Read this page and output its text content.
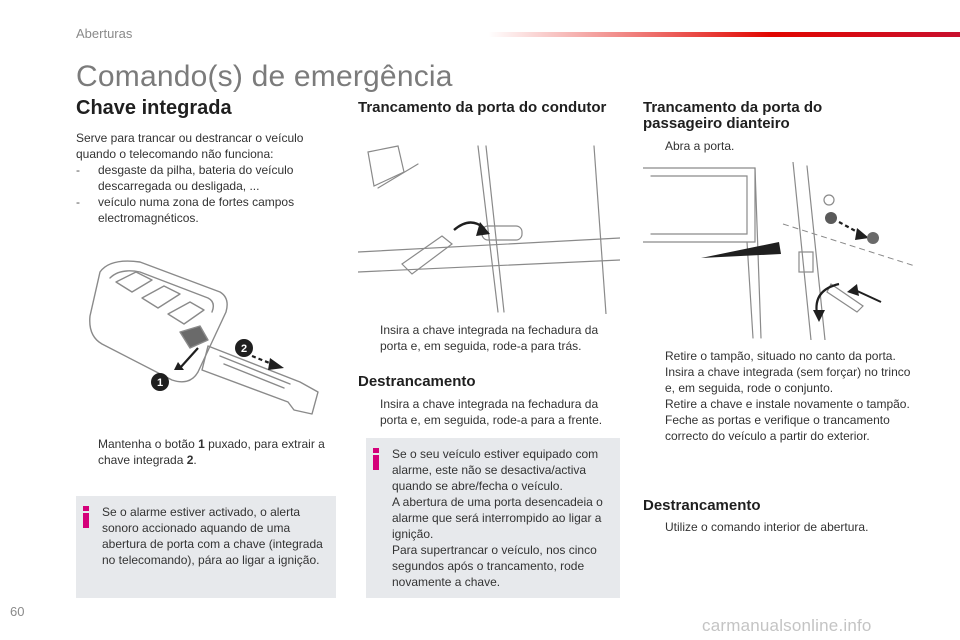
Aberturas
Comando(s) de emergência
Chave integrada

Serve para trancar ou destrancar o veículo quando o telecomando não funciona:

- desgaste da pilha, bateria do veículo descarregada ou desligada, ...
- veículo numa zona de fortes campos electromagnéticos.
1
2
Mantenha o botão 1 puxado, para extrair a chave integrada 2.

Se o alarme estiver activado, o alerta sonoro accionado aquando de uma abertura de porta com a chave (integrada no telecomando), pára ao ligar a ignição.

Trancamento da porta do condutor
Insira a chave integrada na fechadura da porta e, em seguida, rode-a para trás.
Destrancamento
Insira a chave integrada na fechadura da porta e, em seguida, rode-a para a frente.

Se o seu veículo estiver equipado com alarme, este não se desactiva/activa quando se abre/fecha o veículo.
A abertura de uma porta desencadeia o alarme que será interrompido ao ligar a ignição.
Para supertrancar o veículo, nos cinco segundos após o trancamento, rode novamente a chave.

Trancamento da porta do passageiro dianteiro
Abra a porta.
Retire o tampão, situado no canto da porta.
Insira a chave integrada (sem forçar) no trinco e, em seguida, rode o conjunto.
Retire a chave e instale novamente o tampão.
Feche as portas e verifique o trancamento correcto do veículo a partir do exterior.
Destrancamento
Utilize o comando interior de abertura.
60
carmanualsonline.info
